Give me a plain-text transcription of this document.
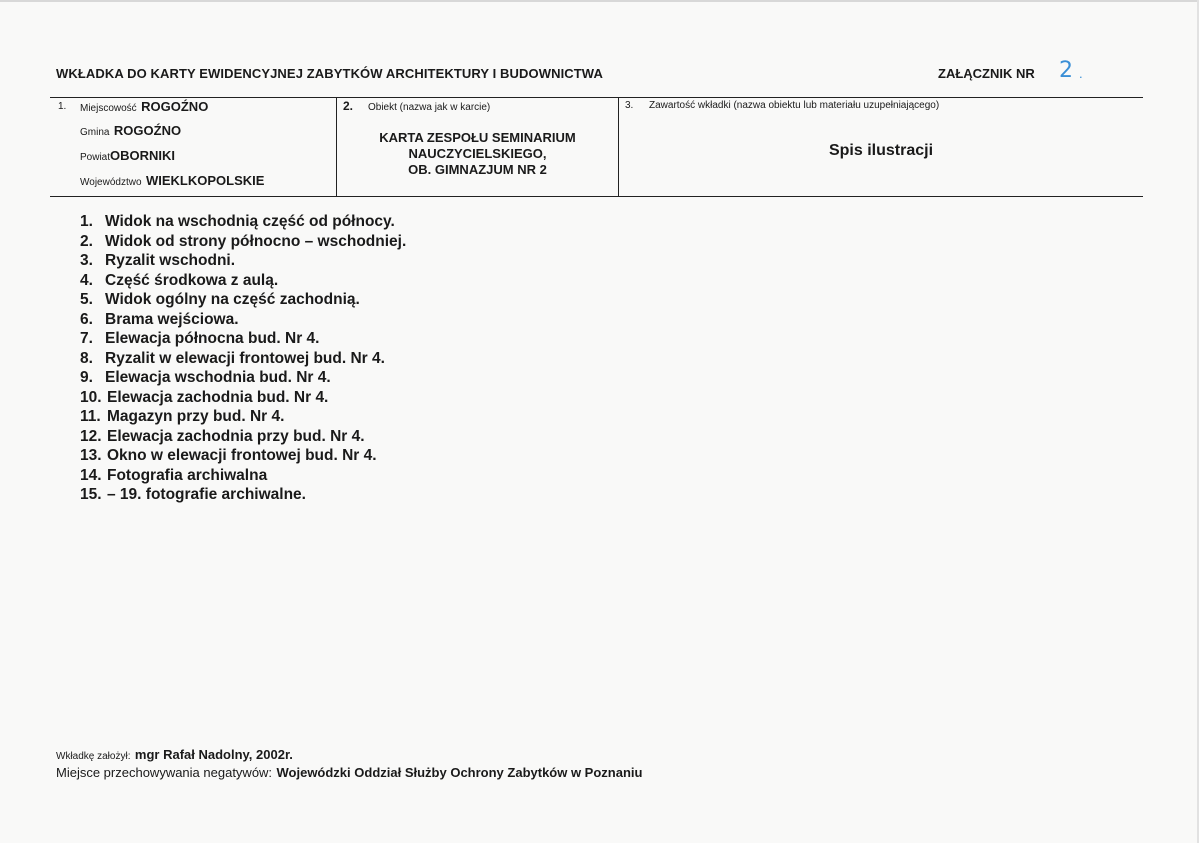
WKŁADKA DO KARTY EWIDENCYJNEJ ZABYTKÓW ARCHITEKTURY I BUDOWNICTWA	ZAŁĄCZNIK NR 2 .
1. Miejscowość ROGOŹNO
Gmina ROGOŹNO
PowiatOBORNIKI
Województwo WIEKLKOPOLSKIE
2. Obiekt (nazwa jak w karcie)
KARTA ZESPOŁU SEMINARIUM
NAUCZYCIELSKIEGO,
OB. GIMNAZJUM NR 2
3. Zawartość wkładki (nazwa obiektu lub materiału uzupełniającego)
Spis ilustracji
1. Widok na wschodnią część od północy.
2. Widok od strony północno – wschodniej.
3. Ryzalit wschodni.
4. Część środkowa z aulą.
5. Widok ogólny na część zachodnią.
6. Brama wejściowa.
7. Elewacja północna bud. Nr 4.
8. Ryzalit w elewacji frontowej bud. Nr 4.
9. Elewacja wschodnia bud. Nr 4.
10. Elewacja zachodnia bud. Nr 4.
11. Magazyn przy bud. Nr 4.
12. Elewacja zachodnia przy bud. Nr 4.
13. Okno w elewacji frontowej bud. Nr 4.
14. Fotografia archiwalna
15. – 19. fotografie archiwalne.
Wkładkę założył: mgr Rafał Nadolny, 2002r.
Miejsce przechowywania negatywów: Wojewódzki Oddział Służby Ochrony Zabytków w Poznaniu
